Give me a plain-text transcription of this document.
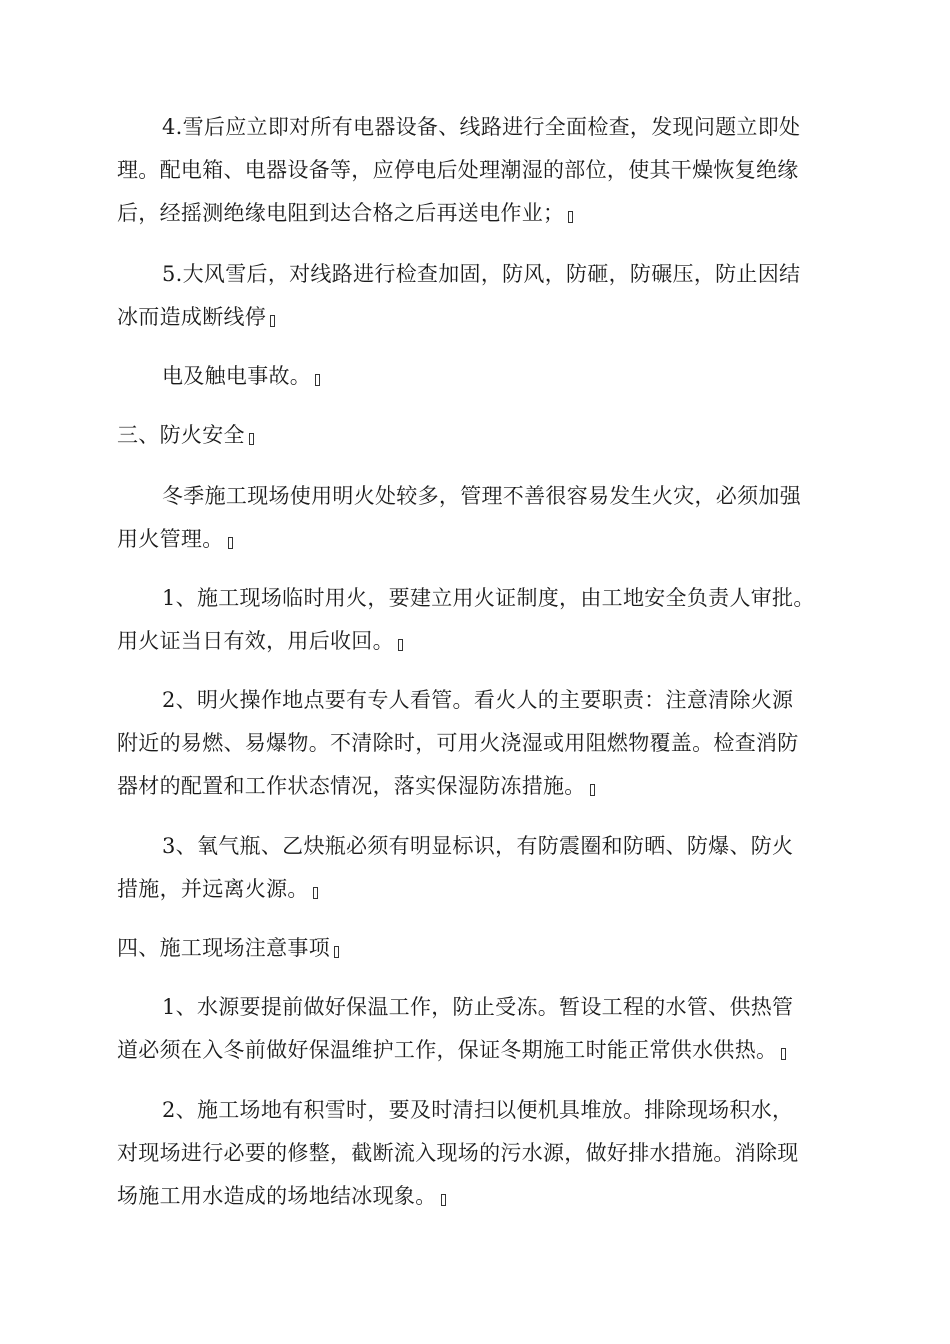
4.雪后应立即对所有电器设备、线路进行全面检查，发现问题立即处
理。配电箱、电器设备等，应停电后处理潮湿的部位，使其干燥恢复绝缘
后，经摇测绝缘电阻到达合格之后再送电作业；
5.大风雪后，对线路进行检查加固，防风，防砸，防碾压，防止因结
冰而造成断线停
电及触电事故。
三、防火安全
冬季施工现场使用明火处较多，管理不善很容易发生火灾，必须加强
用火管理。
1、施工现场临时用火，要建立用火证制度，由工地安全负责人审批。
用火证当日有效，用后收回。
2、明火操作地点要有专人看管。看火人的主要职责：注意清除火源
附近的易燃、易爆物。不清除时，可用火浇湿或用阻燃物覆盖。检查消防
器材的配置和工作状态情况，落实保湿防冻措施。
3、氧气瓶、乙炔瓶必须有明显标识，有防震圈和防晒、防爆、防火
措施，并远离火源。
四、施工现场注意事项
1、水源要提前做好保温工作，防止受冻。暂设工程的水管、供热管
道必须在入冬前做好保温维护工作，保证冬期施工时能正常供水供热。
2、施工场地有积雪时，要及时清扫以便机具堆放。排除现场积水，
对现场进行必要的修整，截断流入现场的污水源，做好排水措施。消除现
场施工用水造成的场地结冰现象。
